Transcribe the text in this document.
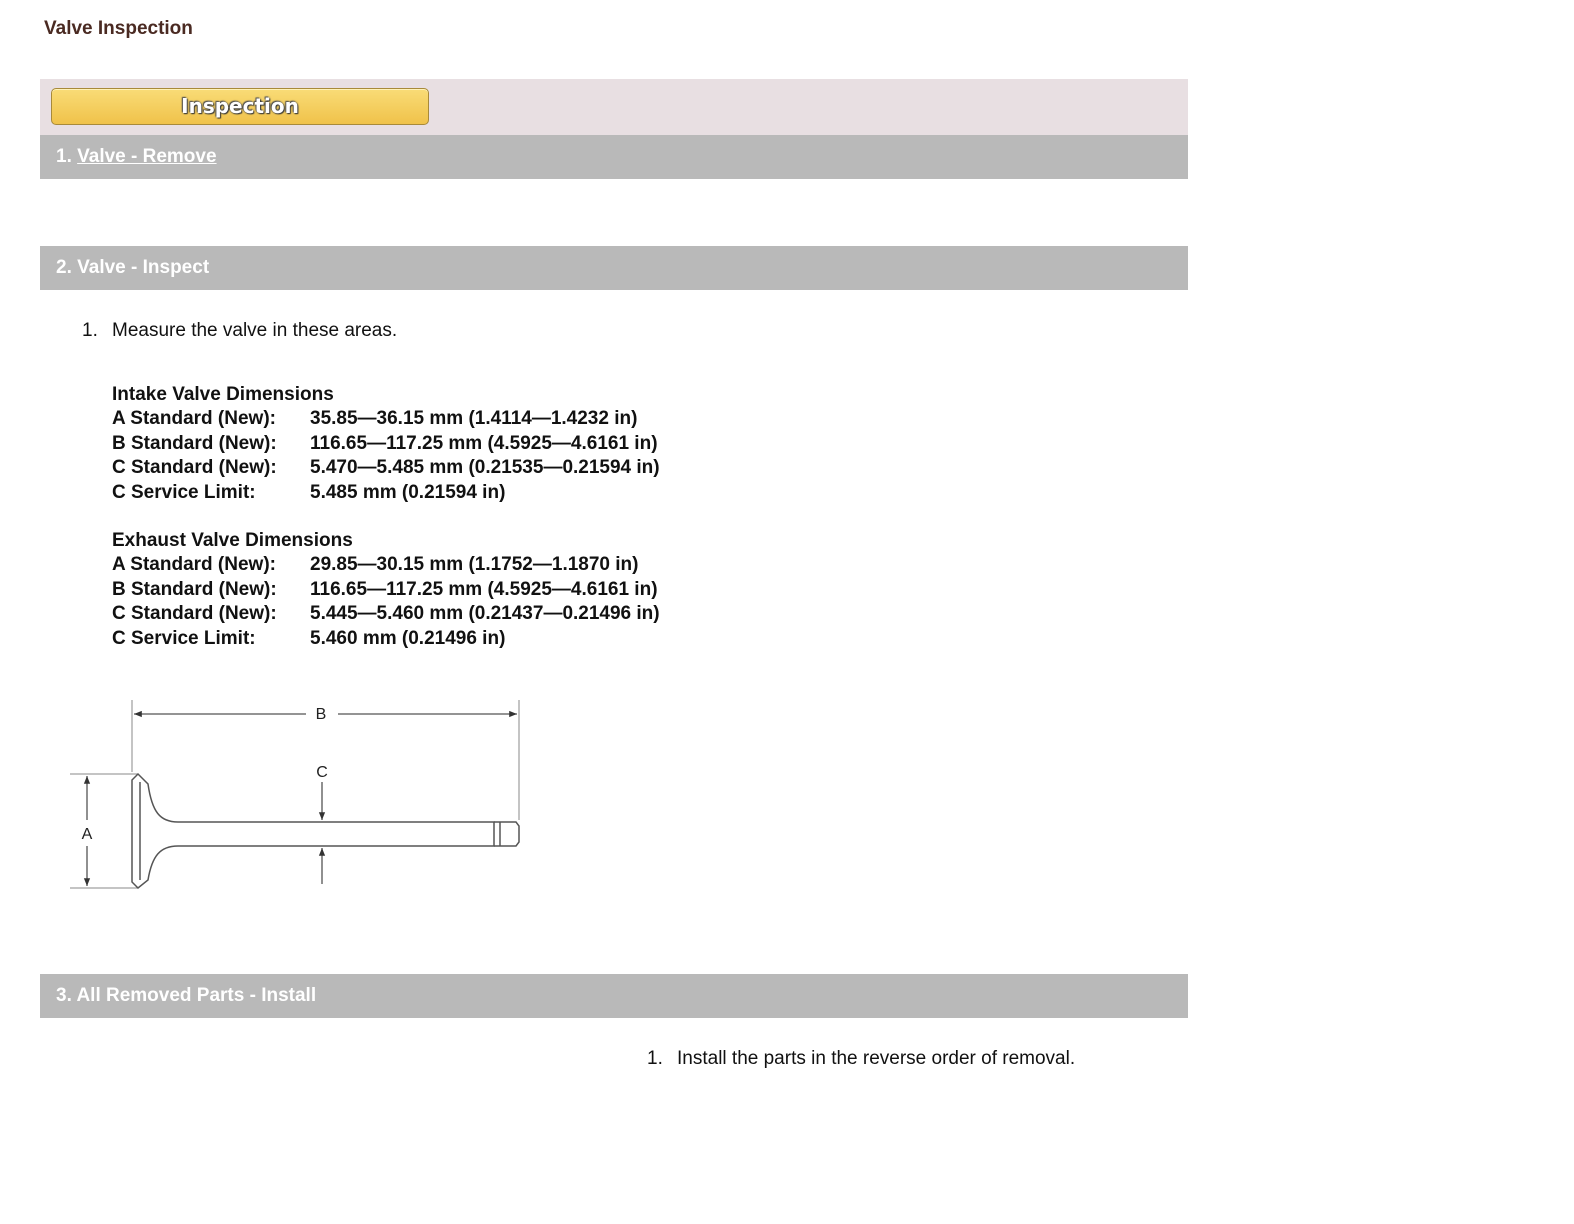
Valve Inspection
Inspection
1. Valve - Remove
2. Valve - Inspect
1. Measure the valve in these areas.
Intake Valve Dimensions
A Standard (New): 35.85—36.15 mm (1.4114—1.4232 in)
B Standard (New): 116.65—117.25 mm (4.5925—4.6161 in)
C Standard (New): 5.470—5.485 mm (0.21535—0.21594 in)
C Service Limit:	5.485 mm (0.21594 in)
Exhaust Valve Dimensions
A Standard (New): 29.85—30.15 mm (1.1752—1.1870 in)
B Standard (New): 116.65—117.25 mm (4.5925—4.6161 in)
C Standard (New): 5.445—5.460 mm (0.21437—0.21496 in)
C Service Limit:	5.460 mm (0.21496 in)
B
A
C
3. All Removed Parts - Install
1. Install the parts in the reverse order of removal.
